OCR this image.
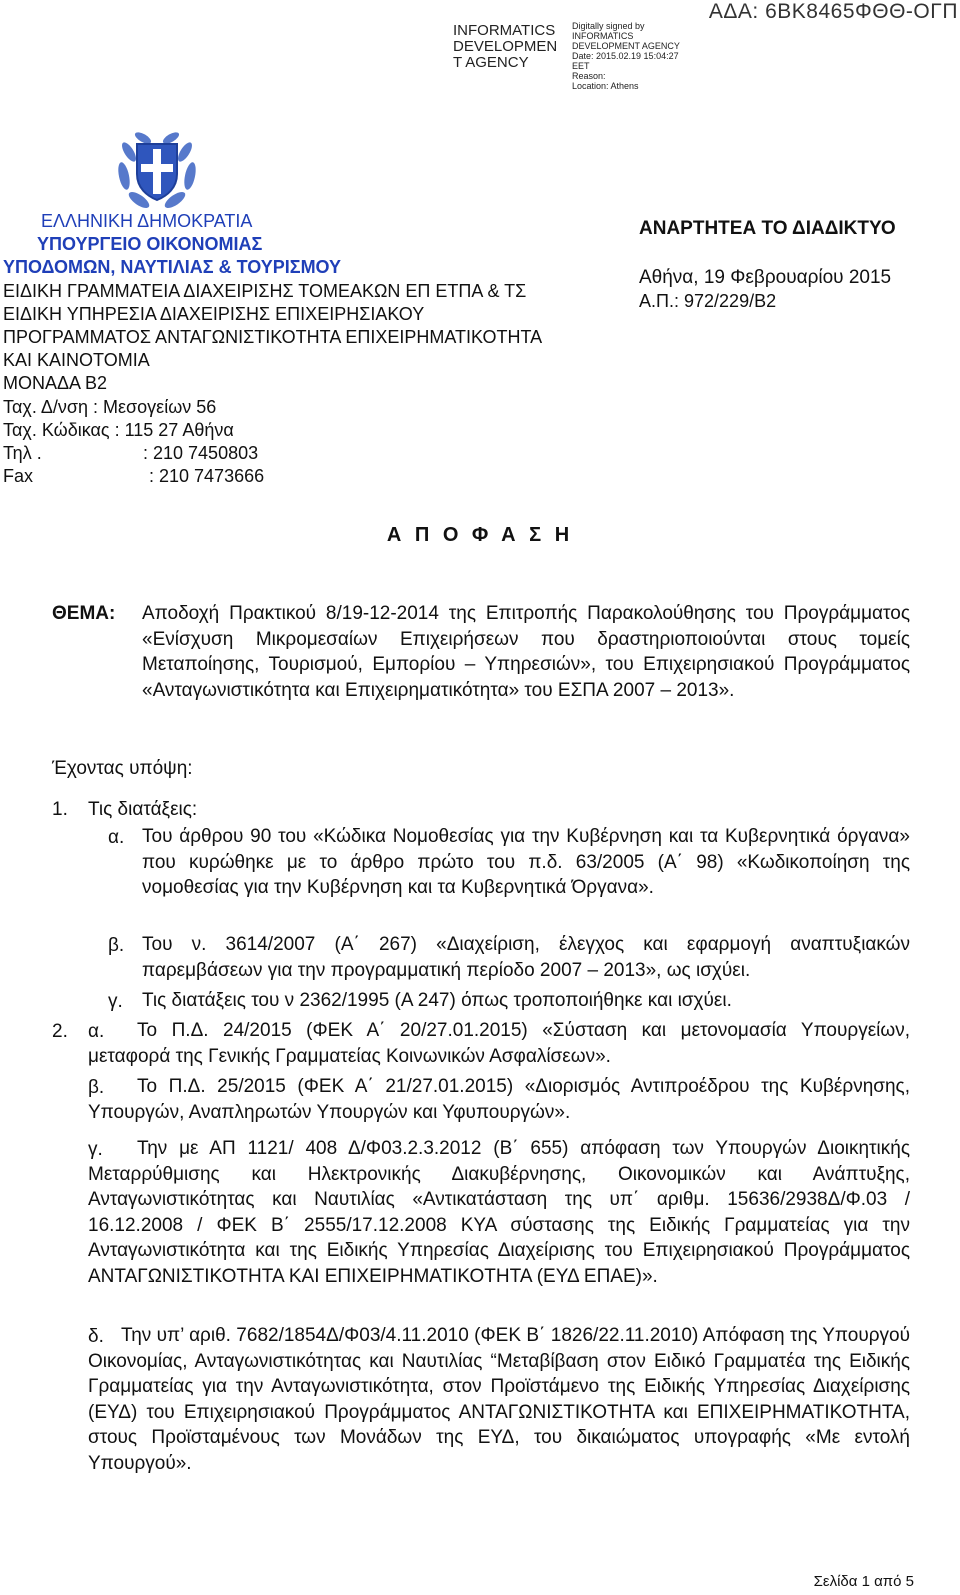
INFORMATICS
DEVELOPMEN
T AGENCY
Digitally signed by
INFORMATICS
DEVELOPMENT AGENCY
Date: 2015.02.19 15:04:27
EET
Reason:
Location: Athens
ΑΔΑ: 6ΒΚ8465ΦΘΘ-ΟΓΠ
ΕΛΛΗΝΙΚΗ ΔΗΜΟΚΡΑΤΙΑ
ΥΠΟΥΡΓΕΙΟ ΟΙΚΟΝΟΜΙΑΣ
ΥΠΟΔΟΜΩΝ, ΝΑΥΤΙΛΙΑΣ & ΤΟΥΡΙΣΜΟΥ
ΕΙΔΙΚΗ ΓΡΑΜΜΑΤΕΙΑ ΔΙΑΧΕΙΡΙΣΗΣ ΤΟΜΕΑΚΩΝ ΕΠ ΕΤΠΑ & ΤΣ
ΕΙΔΙΚΗ ΥΠΗΡΕΣΙΑ ΔΙΑΧΕΙΡΙΣΗΣ ΕΠΙΧΕΙΡΗΣΙΑΚΟΥ
ΠΡΟΓΡΑΜΜΑΤΟΣ ΑΝΤΑΓΩΝΙΣΤΙΚΟΤΗΤΑ ΕΠΙΧΕΙΡΗΜΑΤΙΚΟΤΗΤΑ
ΚΑΙ ΚΑΙΝΟΤΟΜΙΑ
ΜΟΝΑΔΑ Β2
Ταχ. Δ/νση : Μεσογείων 56
Ταχ. Κώδικας : 115 27 Αθήνα
Τηλ .	: 210 7450803
Fax	: 210 7473666
ΑΝΑΡΤΗΤΕΑ ΤΟ ΔΙΑΔΙΚΤΥΟ
Αθήνα, 19 Φεβρουαρίου 2015
Α.Π.: 972/229/Β2
Α Π Ο Φ Α Σ Η
ΘΕΜΑ: Αποδοχή Πρακτικού 8/19-12-2014 της Επιτροπής Παρακολούθησης του Προγράμματος «Ενίσχυση Μικρομεσαίων Επιχειρήσεων που δραστηριοποιούνται στους τομείς Μεταποίησης, Τουρισμού, Εμπορίου – Υπηρεσιών», του Επιχειρησιακού Προγράμματος «Ανταγωνιστικότητα και Επιχειρηματικότητα» του ΕΣΠΑ 2007 – 2013».
Έχοντας υπόψη:
1. Τις διατάξεις:
α. Του άρθρου 90 του «Κώδικα Νομοθεσίας για την Κυβέρνηση και τα Κυβερνητικά όργανα» που κυρώθηκε με το άρθρο πρώτο του π.δ. 63/2005 (Α΄ 98) «Κωδικοποίηση της νομοθεσίας για την Κυβέρνηση και τα Κυβερνητικά Όργανα».
β. Του ν. 3614/2007 (Α΄ 267) «Διαχείριση, έλεγχος και εφαρμογή αναπτυξιακών παρεμβάσεων για την προγραμματική περίοδο 2007 – 2013», ως ισχύει.
γ. Τις διατάξεις του ν 2362/1995 (Α 247) όπως τροποποιήθηκε και ισχύει.
2. α.	Το Π.Δ. 24/2015 (ΦΕΚ Α΄ 20/27.01.2015) «Σύσταση και μετονομασία Υπουργείων, μεταφορά της Γενικής Γραμματείας Κοινωνικών Ασφαλίσεων».
β.	Το Π.Δ. 25/2015 (ΦΕΚ Α΄ 21/27.01.2015) «Διορισμός Αντιπροέδρου της Κυβέρνησης, Υπουργών, Αναπληρωτών Υπουργών και Υφυπουργών».
γ.	Την με ΑΠ 1121/ 408 Δ/Φ03.2.3.2012 (Β΄ 655) απόφαση των Υπουργών Διοικητικής Μεταρρύθμισης και Ηλεκτρονικής Διακυβέρνησης, Οικονομικών και Ανάπτυξης, Ανταγωνιστικότητας και Ναυτιλίας «Αντικατάσταση της υπ΄ αριθμ. 15636/2938Δ/Φ.03 / 16.12.2008 / ΦΕΚ Β΄ 2555/17.12.2008 ΚΥΑ σύστασης της Ειδικής Γραμματείας για την Ανταγωνιστικότητα και της Ειδικής Υπηρεσίας Διαχείρισης του Επιχειρησιακού Προγράμματος ΑΝΤΑΓΩΝΙΣΤΙΚΟΤΗΤΑ ΚΑΙ ΕΠΙΧΕΙΡΗΜΑΤΙΚΟΤΗΤΑ (ΕΥΔ ΕΠΑΕ)».
δ. Την υπ’ αριθ. 7682/1854Δ/Φ03/4.11.2010 (ΦΕΚ Β΄ 1826/22.11.2010) Απόφαση της Υπουργού Οικονομίας, Ανταγωνιστικότητας και Ναυτιλίας “Μεταβίβαση στον Ειδικό Γραμματέα της Ειδικής Γραμματείας για την Ανταγωνιστικότητα, στον Προϊστάμενο της Ειδικής Υπηρεσίας Διαχείρισης (ΕΥΔ) του Επιχειρησιακού Προγράμματος ΑΝΤΑΓΩΝΙΣΤΙΚΟΤΗΤΑ και ΕΠΙΧΕΙΡΗΜΑΤΙΚΟΤΗΤΑ, στους Προϊσταμένους των Μονάδων της ΕΥΔ, του δικαιώματος υπογραφής «Με εντολή Υπουργού».
Σελίδα 1 από 5
